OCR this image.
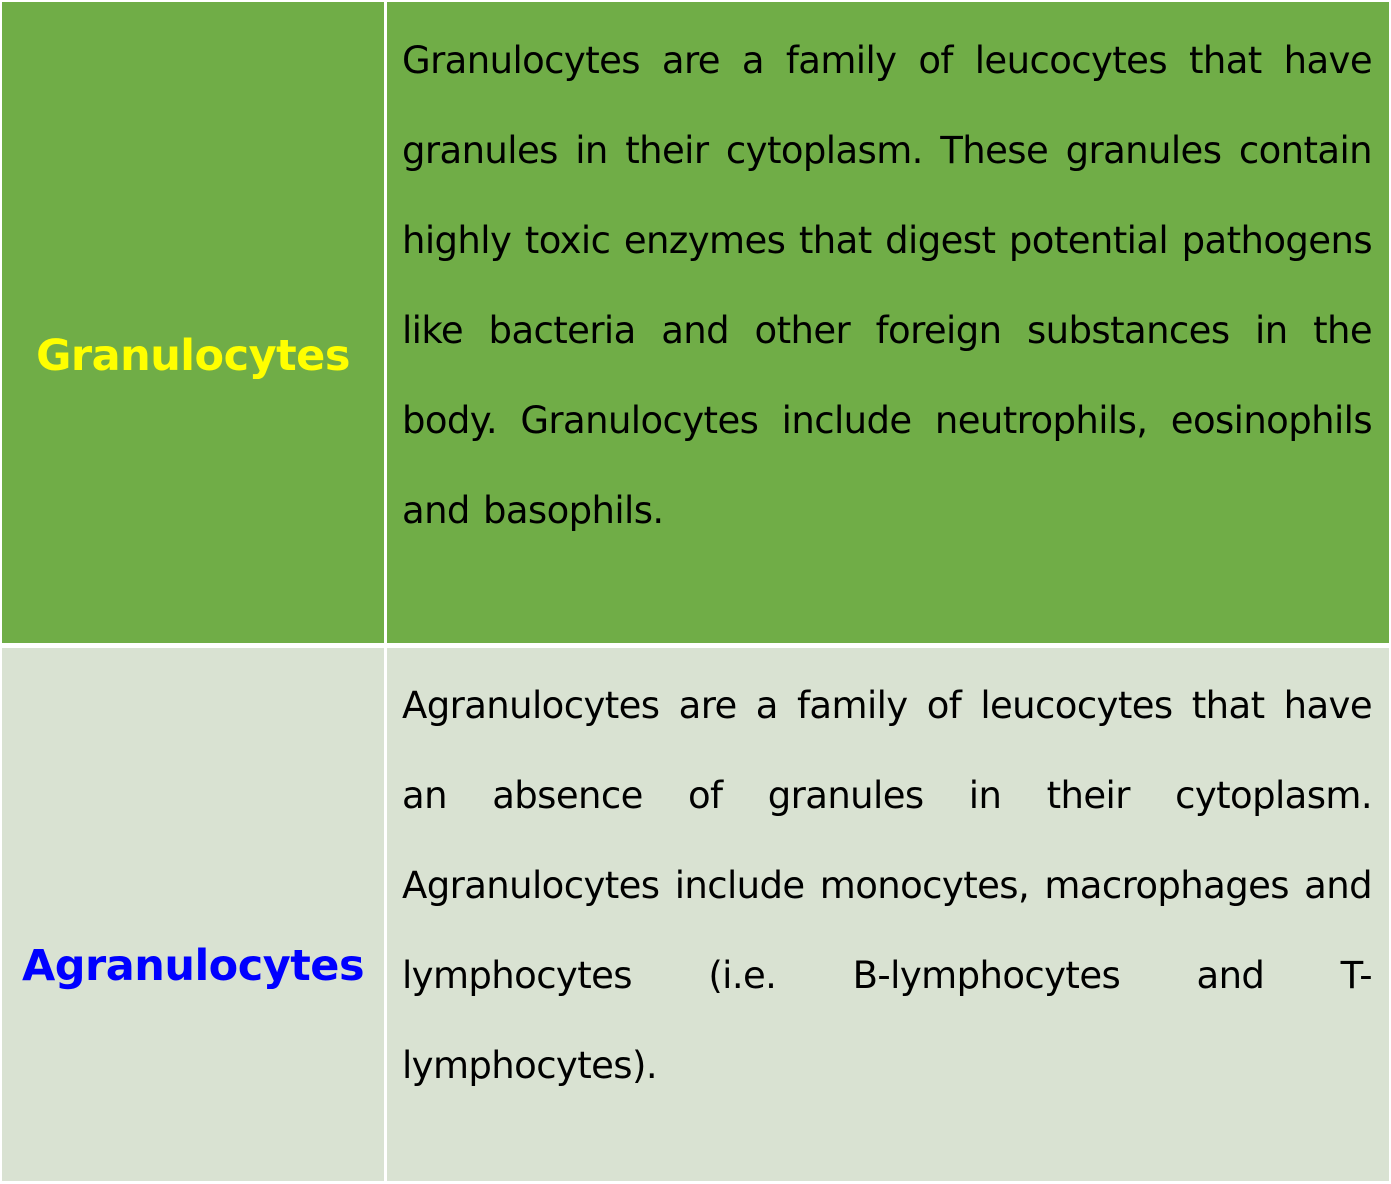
Granulocytes
Granulocytes are a family of leucocytes that have granules in their cytoplasm. These granules contain highly toxic enzymes that digest potential pathogens like bacteria and other foreign substances in the body. Granulocytes include neutrophils, eosinophils and basophils.
Agranulocytes
Agranulocytes are a family of leucocytes that have an absence of granules in their cytoplasm. Agranulocytes include monocytes, macrophages and lymphocytes (i.e. B-lymphocytes and T-lymphocytes).
